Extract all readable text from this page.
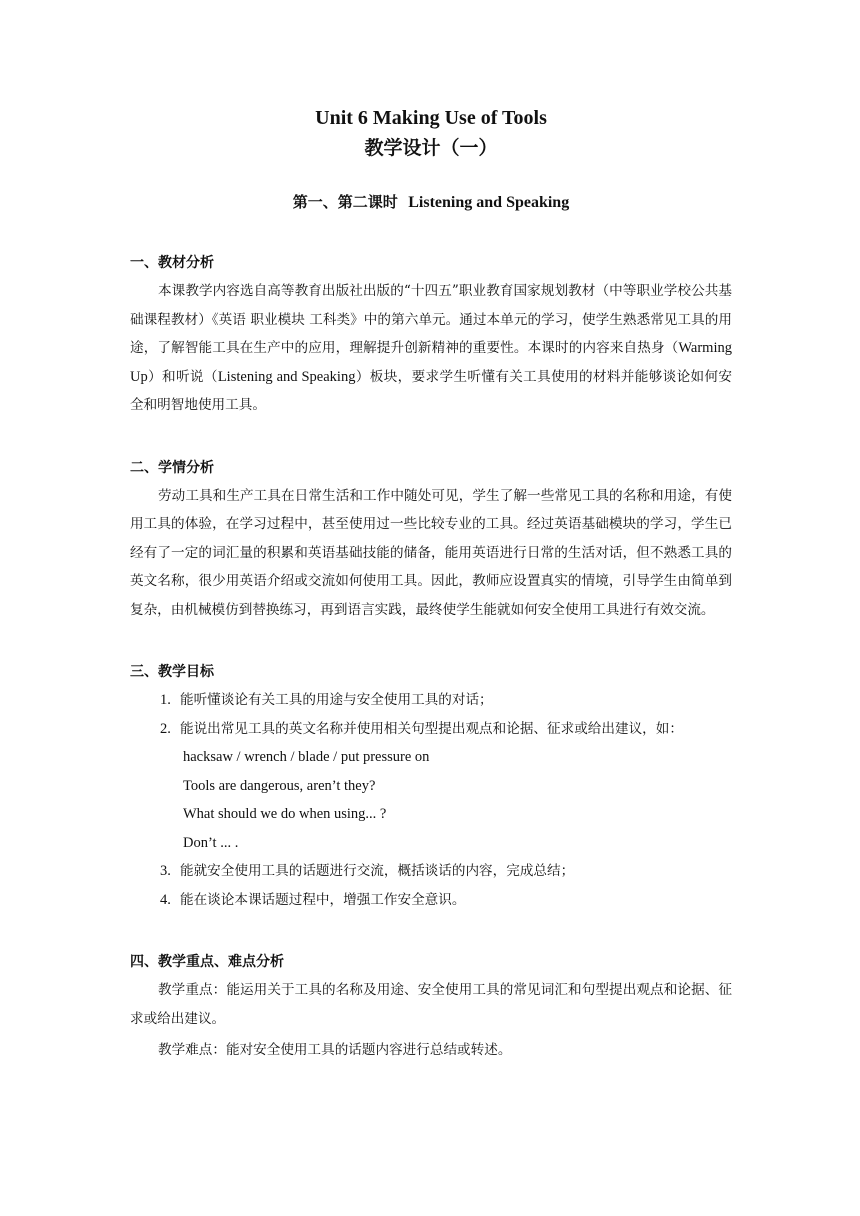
Unit 6 Making Use of Tools
教学设计（一）
第一、第二课时 Listening and Speaking

一、教材分析

本课教学内容选自高等教育出版社出版的“十四五”职业教育国家规划教材（中等职业学校公共基础课程教材）《英语 职业模块 工科类》中的第六单元。通过本单元的学习，使学生熟悉常见工具的用途，了解智能工具在生产中的应用，理解提升创新精神的重要性。本课时的内容来自热身（Warming Up）和听说（Listening and Speaking）板块，要求学生听懂有关工具使用的材料并能够谈论如何安全和明智地使用工具。

二、学情分析

劳动工具和生产工具在日常生活和工作中随处可见，学生了解一些常见工具的名称和用途，有使用工具的体验，在学习过程中，甚至使用过一些比较专业的工具。经过英语基础模块的学习，学生已经有了一定的词汇量的积累和英语基础技能的储备，能用英语进行日常的生活对话，但不熟悉工具的英文名称，很少用英语介绍或交流如何使用工具。因此，教师应设置真实的情境，引导学生由简单到复杂，由机械模仿到替换练习，再到语言实践，最终使学生能就如何安全使用工具进行有效交流。

三、教学目标

1. 能听懂谈论有关工具的用途与安全使用工具的对话；
2. 能说出常见工具的英文名称并使用相关句型提出观点和论据、征求或给出建议，如：
hacksaw / wrench / blade / put pressure on
Tools are dangerous, aren’t they?
What should we do when using... ?
Don’t ... .
3. 能就安全使用工具的话题进行交流，概括谈话的内容，完成总结；
4. 能在谈论本课话题过程中，增强工作安全意识。

四、教学重点、难点分析

教学重点：能运用关于工具的名称及用途、安全使用工具的常见词汇和句型提出观点和论据、征求或给出建议。

教学难点：能对安全使用工具的话题内容进行总结或转述。
